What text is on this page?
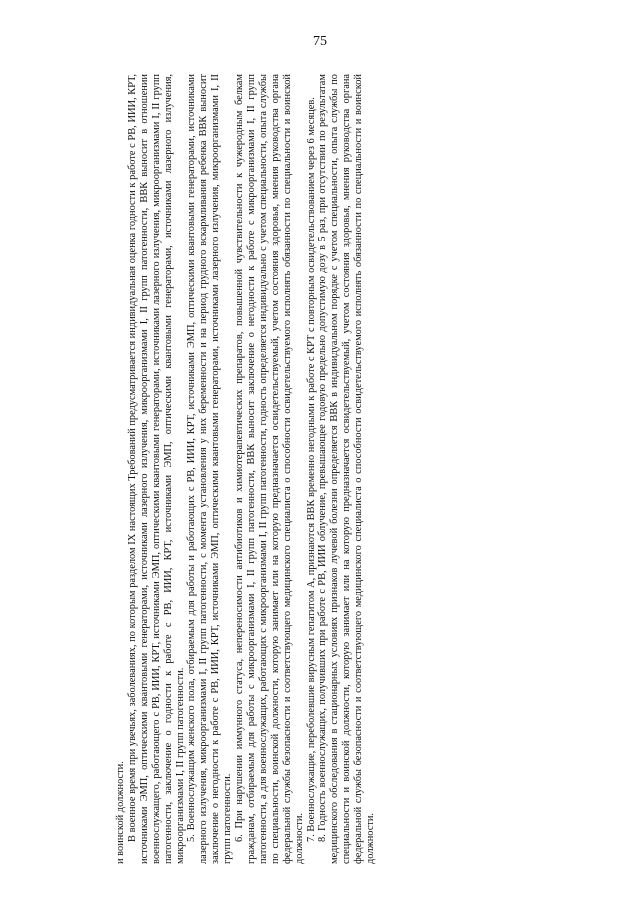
75

и воинской должности. В военное время при увечьях, заболеваниях, по которым разделом IX настоящих Требований предусматривается индивидуальная оценка годности к работе с РВ, ИИИ, КРТ, источниками ЭМП, оптическими квантовыми генераторами, источниками лазерного излучения, микроорганизмами I, II групп патогенности, ВВК выносит в отношении военнослужащего, работающего с РВ, ИИИ, КРТ, источниками ЭМП, оптическими квантовыми генераторами, источниками лазерного излучения, микроорганизмами I, II групп патогенности, заключение о годности к работе с РВ, ИИИ, КРТ, источниками ЭМП, оптическими квантовыми генераторами, источниками лазерного излучения, микроорганизмами I, II групп патогенности. 5. Военнослужащим женского пола, отбираемым для работы и работающих с РВ, ИИИ, КРТ, источниками ЭМП, оптическими квантовыми генераторами, источниками лазерного излучения, микроорганизмами I, II групп патогенности, с момента установления у них беременности и на период грудного вскармливания ребенка ВВК выносит заключение о негодности к работе с РВ, ИИИ, КРТ, источниками ЭМП, оптическими квантовыми генераторами, источниками лазерного излучения, микроорганизмами I, II групп патогенности. 6. При нарушении иммунного статуса, непереносимости антибиотиков и химиотерапевтических препаратов, повышенной чувствительности к чужеродным белкам гражданам, отбираемым для работы с микроорганизмами I, II групп патогенности, ВВК выносит заключение о негодности к работе с микроорганизмами I, II групп патогенности, а для военнослужащих, работающих с микроорганизмами I, II групп патогенности, годность определяется индивидуально с учетом специальности, опыта службы по специальности, воинской должности, которую занимает или на которую предназначается освидетельствуемый, учетом состояния здоровья, мнения руководства органа федеральной службы безопасности и соответствующего медицинского специалиста о способности освидетельствуемого исполнять обязанности по специальности и воинской должности. 7. Военнослужащие, переболевшие вирусным гепатитом А, признаются ВВК временно негодными к работе с КРТ с повторным освидетельствованием через 6 месяцев. 8. Годность военнослужащих, получивших при работе с РВ, ИИИ облучение, превышающее годовую предельно допустимую дозу в 5 раз, при отсутствии по результатам медицинского обследования в стационарных условиях признаков лучевой болезни определяется ВВК в индивидуальном порядке с учетом специальности, опыта службы по специальности и воинской должности, которую занимает или на которую предназначается освидетельствуемый, учетом состояния здоровья, мнения руководства органа федеральной службы безопасности и соответствующего медицинского специалиста о способности освидетельствуемого исполнять обязанности по специальности и воинской должности.
